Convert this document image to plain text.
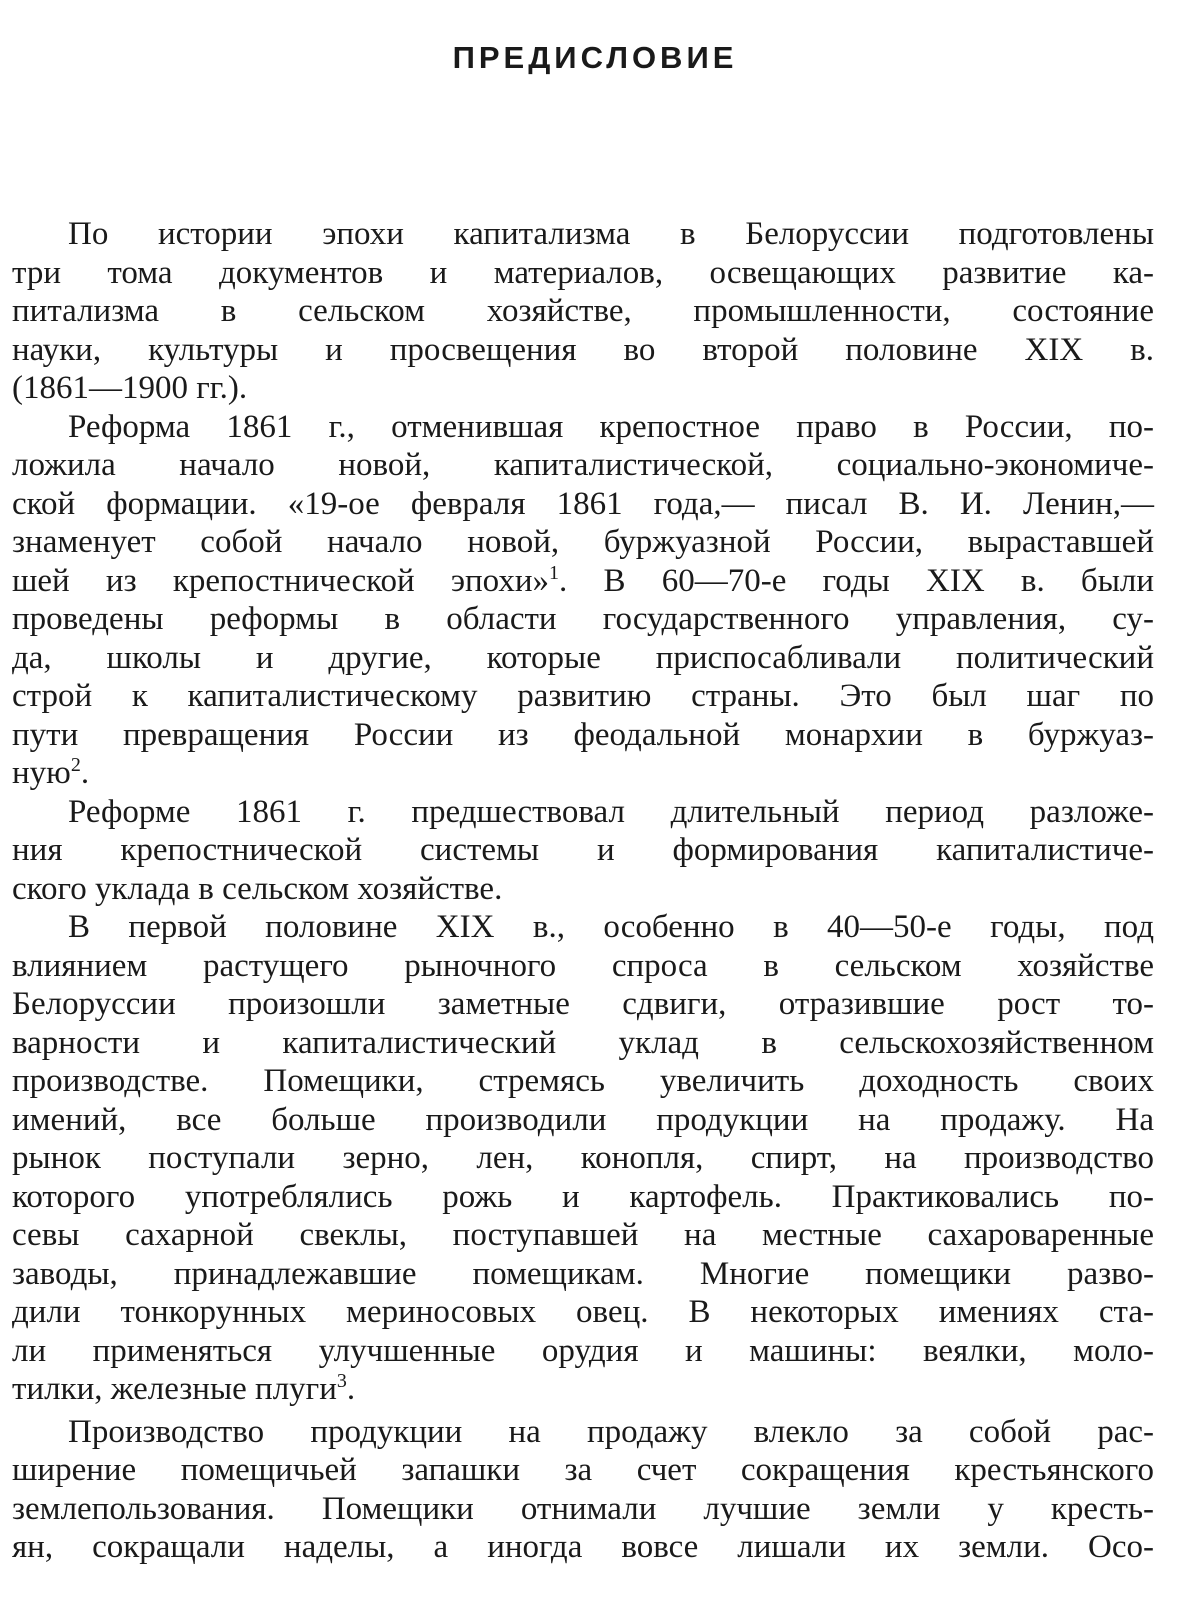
ПРЕДИСЛОВИЕ
По истории эпохи капитализма в Белоруссии подготовлены
три тома документов и материалов, освещающих развитие ка-
питализма в сельском хозяйстве, промышленности, состояние
науки, культуры и просвещения во второй половине XIX в.
(1861—1900 гг.).
Реформа 1861 г., отменившая крепостное право в России, по-
ложила начало новой, капиталистической, социально-экономиче-
ской формации. «19-ое февраля 1861 года,— писал В. И. Ленин,—
знаменует собой начало новой, буржуазной России, выраставшей
шей из крепостнической эпохи»$^1$. В 60—70-е годы XIX в. были
проведены реформы в области государственного управления, су-
да, школы и другие, которые приспосабливали политический
строй к капиталистическому развитию страны. Это был шаг по
пути превращения России из феодальной монархии в буржуаз-
ную$^2$.
Реформе 1861 г. предшествовал длительный период разложе-
ния крепостнической системы и формирования капиталистиче-
ского уклада в сельском хозяйстве.
В первой половине XIX в., особенно в 40—50-е годы, под
влиянием растущего рыночного спроса в сельском хозяйстве
Белоруссии произошли заметные сдвиги, отразившие рост то-
варности и капиталистический уклад в сельскохозяйственном
производстве. Помещики, стремясь увеличить доходность своих
имений, все больше производили продукции на продажу. На
рынок поступали зерно, лен, конопля, спирт, на производство
которого употреблялись рожь и картофель. Практиковались по-
севы сахарной свеклы, поступавшей на местные сахароваренные
заводы, принадлежавшие помещикам. Многие помещики разво-
дили тонкорунных мериносовых овец. В некоторых имениях ста-
ли применяться улучшенные орудия и машины: веялки, моло-
тилки, железные плуги$^3$.
Производство продукции на продажу влекло за собой рас-
ширение помещичьей запашки за счет сокращения крестьянского
землепользования. Помещики отнимали лучшие земли у кресть-
ян, сокращали наделы, а иногда вовсе лишали их земли. Осо-
